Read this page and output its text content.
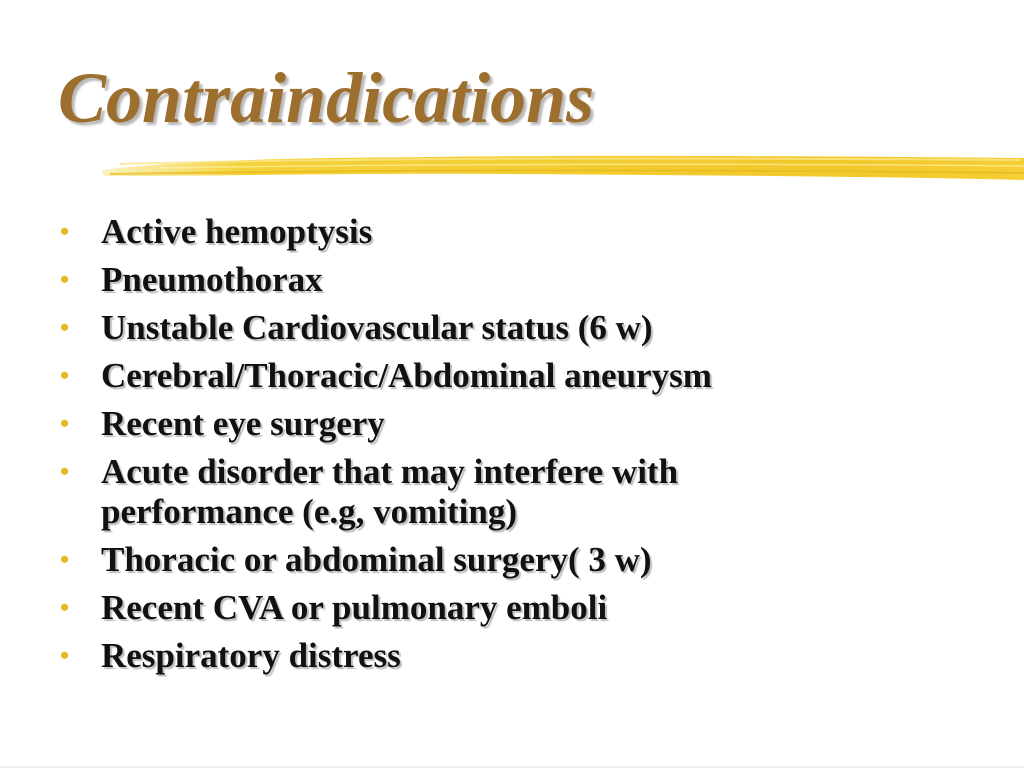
Contraindications
• Active hemoptysis
• Pneumothorax
• Unstable Cardiovascular status (6 w)
• Cerebral/Thoracic/Abdominal aneurysm
• Recent eye surgery
• Acute disorder that may interfere with performance (e.g, vomiting)
• Thoracic or abdominal surgery( 3 w)
• Recent CVA or pulmonary emboli
• Respiratory distress
